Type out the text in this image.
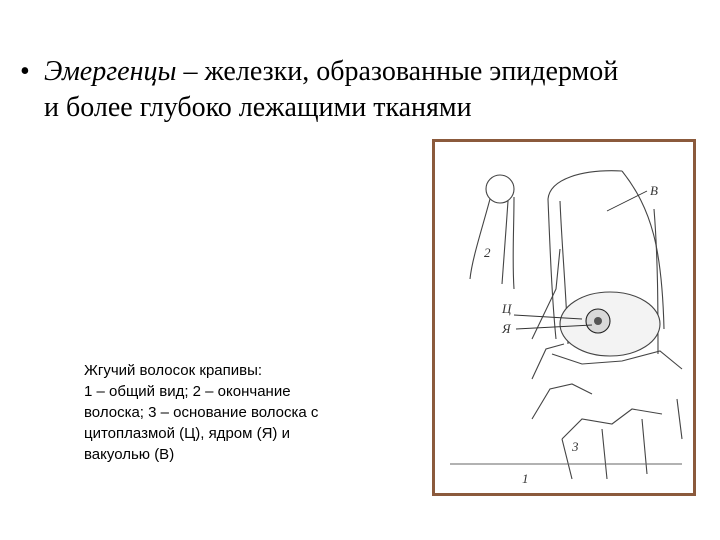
• Эмергенцы – железки, образованные эпидермой и более глубоко лежащими тканями
Жгучий волосок крапивы:
1 – общий вид; 2 – окончание
волоска; 3 – основание волоска с
цитоплазмой (Ц), ядром (Я) и
вакуолью (В)
В
Ц
Я
2
3
1
